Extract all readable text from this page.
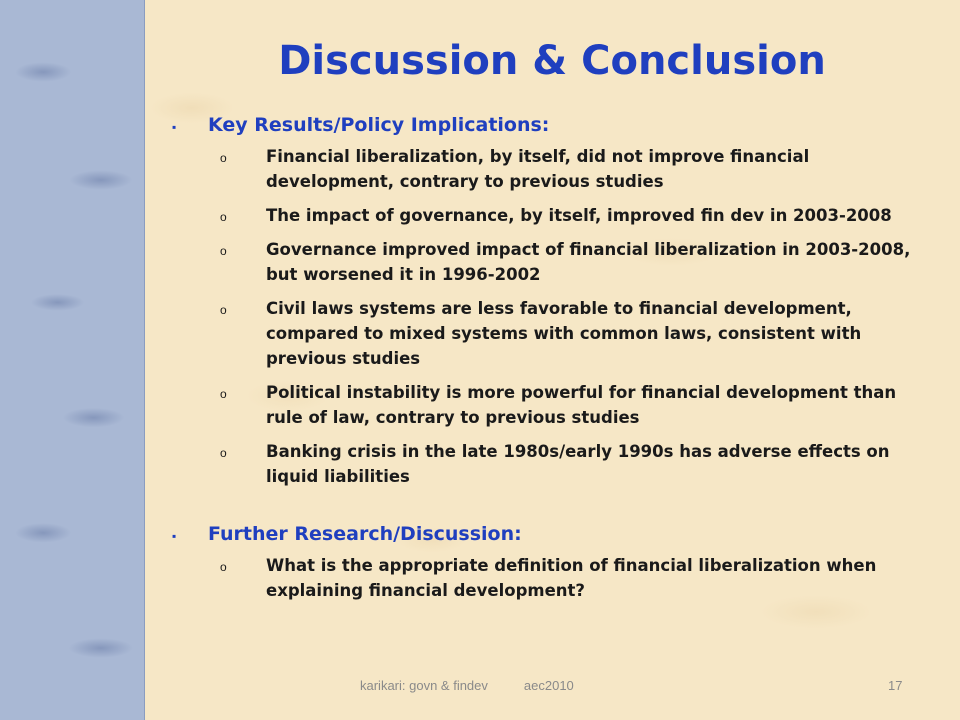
Discussion & Conclusion
▪	Key Results/Policy Implications:
o	Financial liberalization, by itself, did not improve financial development, contrary to previous studies
o	The impact of governance, by itself, improved fin dev in 2003-2008
o	Governance improved impact of financial liberalization in 2003-2008, but worsened it in 1996-2002
o	Civil laws systems are less favorable to financial development, compared to mixed systems with common laws, consistent with previous studies
o	Political instability is more powerful for financial development than rule of law, contrary to previous studies
o	Banking crisis in the late 1980s/early 1990s has adverse effects on liquid liabilities
▪	Further Research/Discussion:
o	What is the appropriate definition of financial liberalization when explaining financial development?
karikari: govn & findev	aec2010	17
